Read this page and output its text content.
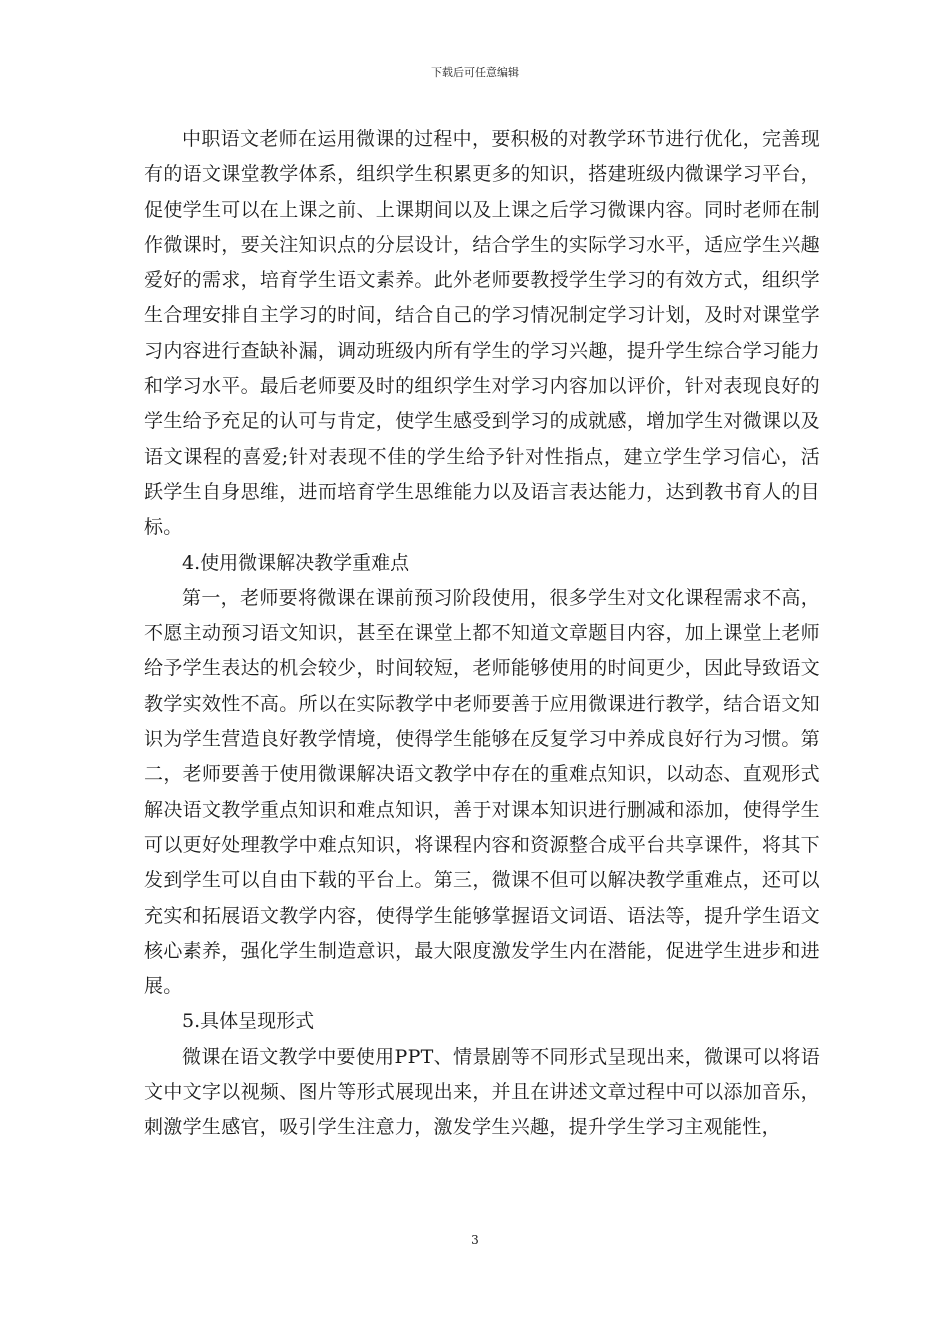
下载后可任意编辑

中职语文老师在运用微课的过程中，要积极的对教学环节进行优化，完善现有的语文课堂教学体系，组织学生积累更多的知识，搭建班级内微课学习平台，促使学生可以在上课之前、上课期间以及上课之后学习微课内容。同时老师在制作微课时，要关注知识点的分层设计，结合学生的实际学习水平，适应学生兴趣爱好的需求，培育学生语文素养。此外老师要教授学生学习的有效方式，组织学生合理安排自主学习的时间，结合自己的学习情况制定学习计划，及时对课堂学习内容进行查缺补漏，调动班级内所有学生的学习兴趣，提升学生综合学习能力和学习水平。最后老师要及时的组织学生对学习内容加以评价，针对表现良好的学生给予充足的认可与肯定，使学生感受到学习的成就感，增加学生对微课以及语文课程的喜爱;针对表现不佳的学生给予针对性指点，建立学生学习信心，活跃学生自身思维，进而培育学生思维能力以及语言表达能力，达到教书育人的目标。

4.使用微课解决教学重难点

第一，老师要将微课在课前预习阶段使用，很多学生对文化课程需求不高，不愿主动预习语文知识，甚至在课堂上都不知道文章题目内容，加上课堂上老师给予学生表达的机会较少，时间较短，老师能够使用的时间更少，因此导致语文教学实效性不高。所以在实际教学中老师要善于应用微课进行教学，结合语文知识为学生营造良好教学情境，使得学生能够在反复学习中养成良好行为习惯。第二，老师要善于使用微课解决语文教学中存在的重难点知识，以动态、直观形式解决语文教学重点知识和难点知识，善于对课本知识进行删减和添加，使得学生可以更好处理教学中难点知识，将课程内容和资源整合成平台共享课件，将其下发到学生可以自由下载的平台上。第三，微课不但可以解决教学重难点，还可以充实和拓展语文教学内容，使得学生能够掌握语文词语、语法等，提升学生语文核心素养，强化学生制造意识，最大限度激发学生内在潜能，促进学生进步和进展。

5.具体呈现形式

微课在语文教学中要使用PPT、情景剧等不同形式呈现出来，微课可以将语文中文字以视频、图片等形式展现出来，并且在讲述文章过程中可以添加音乐，刺激学生感官，吸引学生注意力，激发学生兴趣，提升学生学习主观能性，

3
